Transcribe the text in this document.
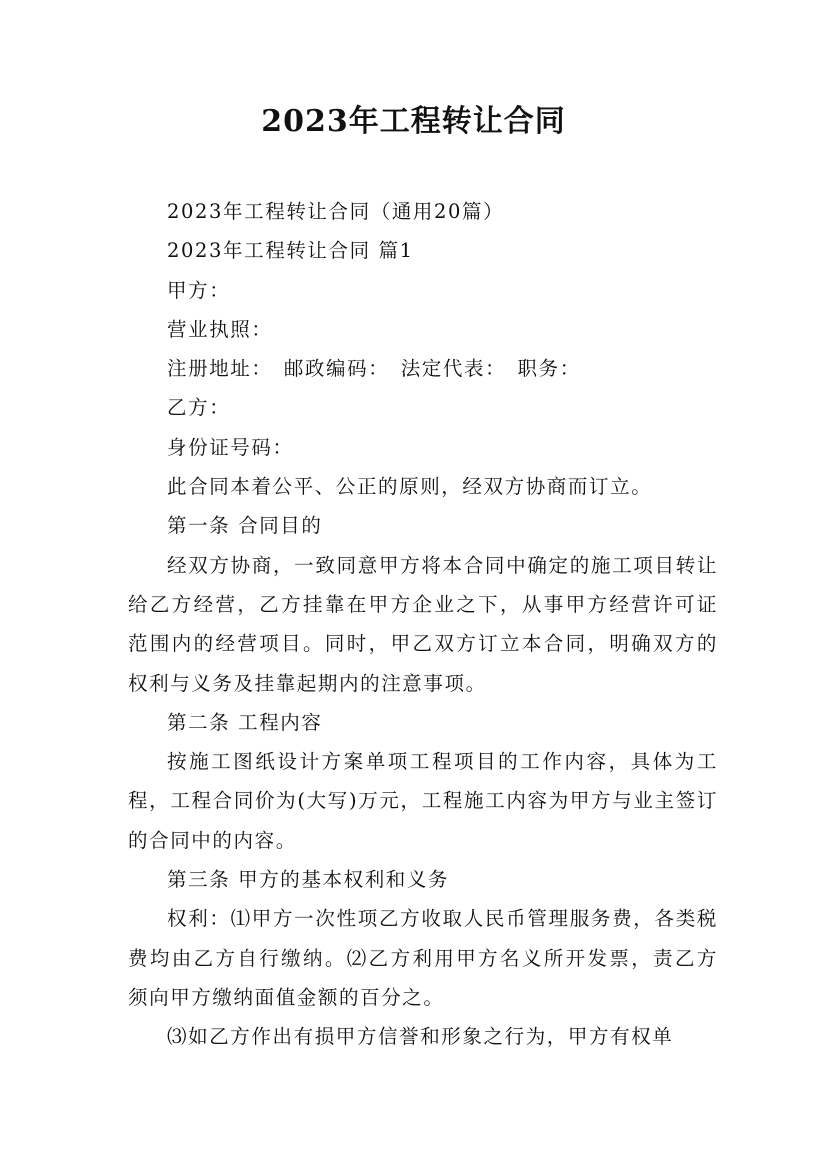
2023年工程转让合同

2023年工程转让合同（通用20篇）

2023年工程转让合同 篇1

甲方：

营业执照：

注册地址：　邮政编码：　法定代表：　职务：

乙方：

身份证号码：

此合同本着公平、公正的原则，经双方协商而订立。

第一条 合同目的

经双方协商，一致同意甲方将本合同中确定的施工项目转让给乙方经营，乙方挂靠在甲方企业之下，从事甲方经营许可证范围内的经营项目。同时，甲乙双方订立本合同，明确双方的权利与义务及挂靠起期内的注意事项。

第二条 工程内容

按施工图纸设计方案单项工程项目的工作内容，具体为工程，工程合同价为(大写)万元，工程施工内容为甲方与业主签订的合同中的内容。

第三条 甲方的基本权利和义务

权利：⑴甲方一次性项乙方收取人民币管理服务费，各类税费均由乙方自行缴纳。⑵乙方利用甲方名义所开发票，责乙方须向甲方缴纳面值金额的百分之。

⑶如乙方作出有损甲方信誉和形象之行为，甲方有权单
